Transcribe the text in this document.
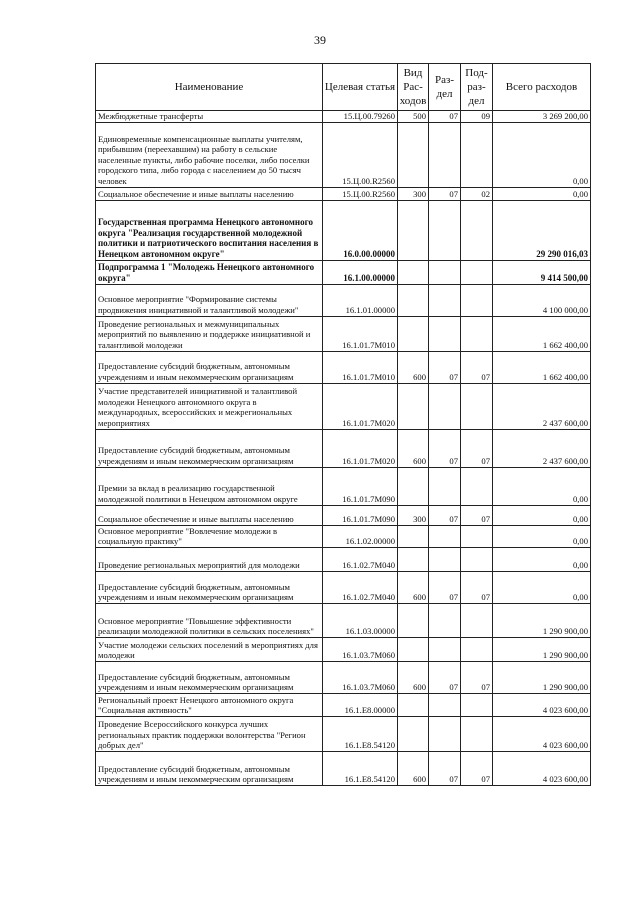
39
Наименование	Целевая статья	Вид Рас-ходов	Раз-дел	Под-раз-дел	Всего расходов
Межбюджетные трансферты	15.Ц.00.79260	500	07	09	3 269 200,00
Единовременные компенсационные выплаты учителям, прибывшим (переехавшим) на работу в сельские населенные пункты, либо рабочие поселки, либо поселки городского типа, либо города с населением до 50 тысяч человек	15.Ц.00.R2560				0,00
Социальное обеспечение и иные выплаты населению	15.Ц.00.R2560	300	07	02	0,00
Государственная программа Ненецкого автономного округа "Реализация государственной молодежной политики и патриотического воспитания населения в Ненецком автономном округе"	16.0.00.00000				29 290 016,03
Подпрограмма 1 "Молодежь Ненецкого автономного округа"	16.1.00.00000				9 414 500,00
Основное мероприятие "Формирование системы продвижения инициативной и талантливой молодежи"	16.1.01.00000				4 100 000,00
Проведение региональных и межмуниципальных мероприятий по выявлению и поддержке инициативной и талантливой молодежи	16.1.01.7М010				1 662 400,00
Предоставление субсидий бюджетным, автономным учреждениям и иным некоммерческим организациям	16.1.01.7М010	600	07	07	1 662 400,00
Участие представителей инициативной и талантливой молодежи Ненецкого автономного округа в международных, всероссийских и межрегиональных мероприятиях	16.1.01.7М020				2 437 600,00
Предоставление субсидий бюджетным, автономным учреждениям и иным некоммерческим организациям	16.1.01.7М020	600	07	07	2 437 600,00
Премии за вклад в реализацию государственной молодежной политики в Ненецком автономном округе	16.1.01.7М090				0,00
Социальное обеспечение и иные выплаты населению	16.1.01.7М090	300	07	07	0,00
Основное мероприятие "Вовлечение молодежи в социальную практику"	16.1.02.00000				0,00
Проведение региональных мероприятий для молодежи	16.1.02.7М040				0,00
Предоставление субсидий бюджетным, автономным учреждениям и иным некоммерческим организациям	16.1.02.7М040	600	07	07	0,00
Основное мероприятие "Повышение эффективности реализации молодежной политики в сельских поселениях"	16.1.03.00000				1 290 900,00
Участие молодежи сельских поселений в мероприятиях для молодежи	16.1.03.7М060				1 290 900,00
Предоставление субсидий бюджетным, автономным учреждениям и иным некоммерческим организациям	16.1.03.7М060	600	07	07	1 290 900,00
Региональный проект Ненецкого автономного округа "Социальная активность"	16.1.Е8.00000				4 023 600,00
Проведение Всероссийского конкурса лучших региональных практик поддержки волонтерства "Регион добрых дел"	16.1.Е8.54120				4 023 600,00
Предоставление субсидий бюджетным, автономным учреждениям и иным некоммерческим организациям	16.1.Е8.54120	600	07	07	4 023 600,00
